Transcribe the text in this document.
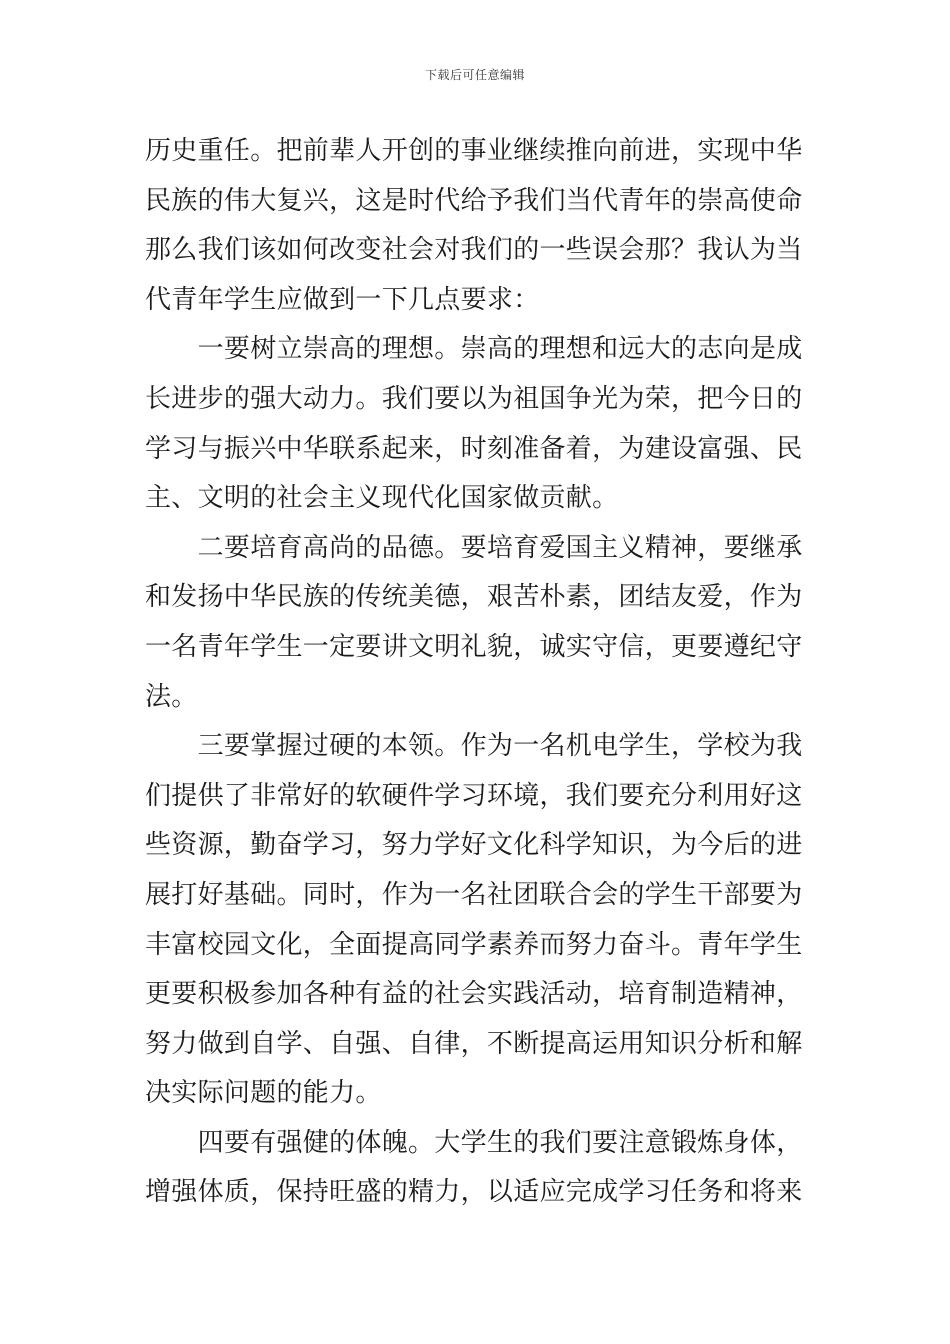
下载后可任意编辑
历史重任。把前辈人开创的事业继续推向前进，实现中华
民族的伟大复兴，这是时代给予我们当代青年的崇高使命
那么我们该如何改变社会对我们的一些误会那？我认为当
代青年学生应做到一下几点要求：
　　一要树立崇高的理想。崇高的理想和远大的志向是成
长进步的强大动力。我们要以为祖国争光为荣，把今日的
学习与振兴中华联系起来，时刻准备着，为建设富强、民
主、文明的社会主义现代化国家做贡献。
　　二要培育高尚的品德。要培育爱国主义精神，要继承
和发扬中华民族的传统美德，艰苦朴素，团结友爱，作为
一名青年学生一定要讲文明礼貌，诚实守信，更要遵纪守
法。
　　三要掌握过硬的本领。作为一名机电学生，学校为我
们提供了非常好的软硬件学习环境，我们要充分利用好这
些资源，勤奋学习，努力学好文化科学知识，为今后的进
展打好基础。同时，作为一名社团联合会的学生干部要为
丰富校园文化，全面提高同学素养而努力奋斗。青年学生
更要积极参加各种有益的社会实践活动，培育制造精神，
努力做到自学、自强、自律，不断提高运用知识分析和解
决实际问题的能力。
　　四要有强健的体魄。大学生的我们要注意锻炼身体，
增强体质，保持旺盛的精力，以适应完成学习任务和将来
